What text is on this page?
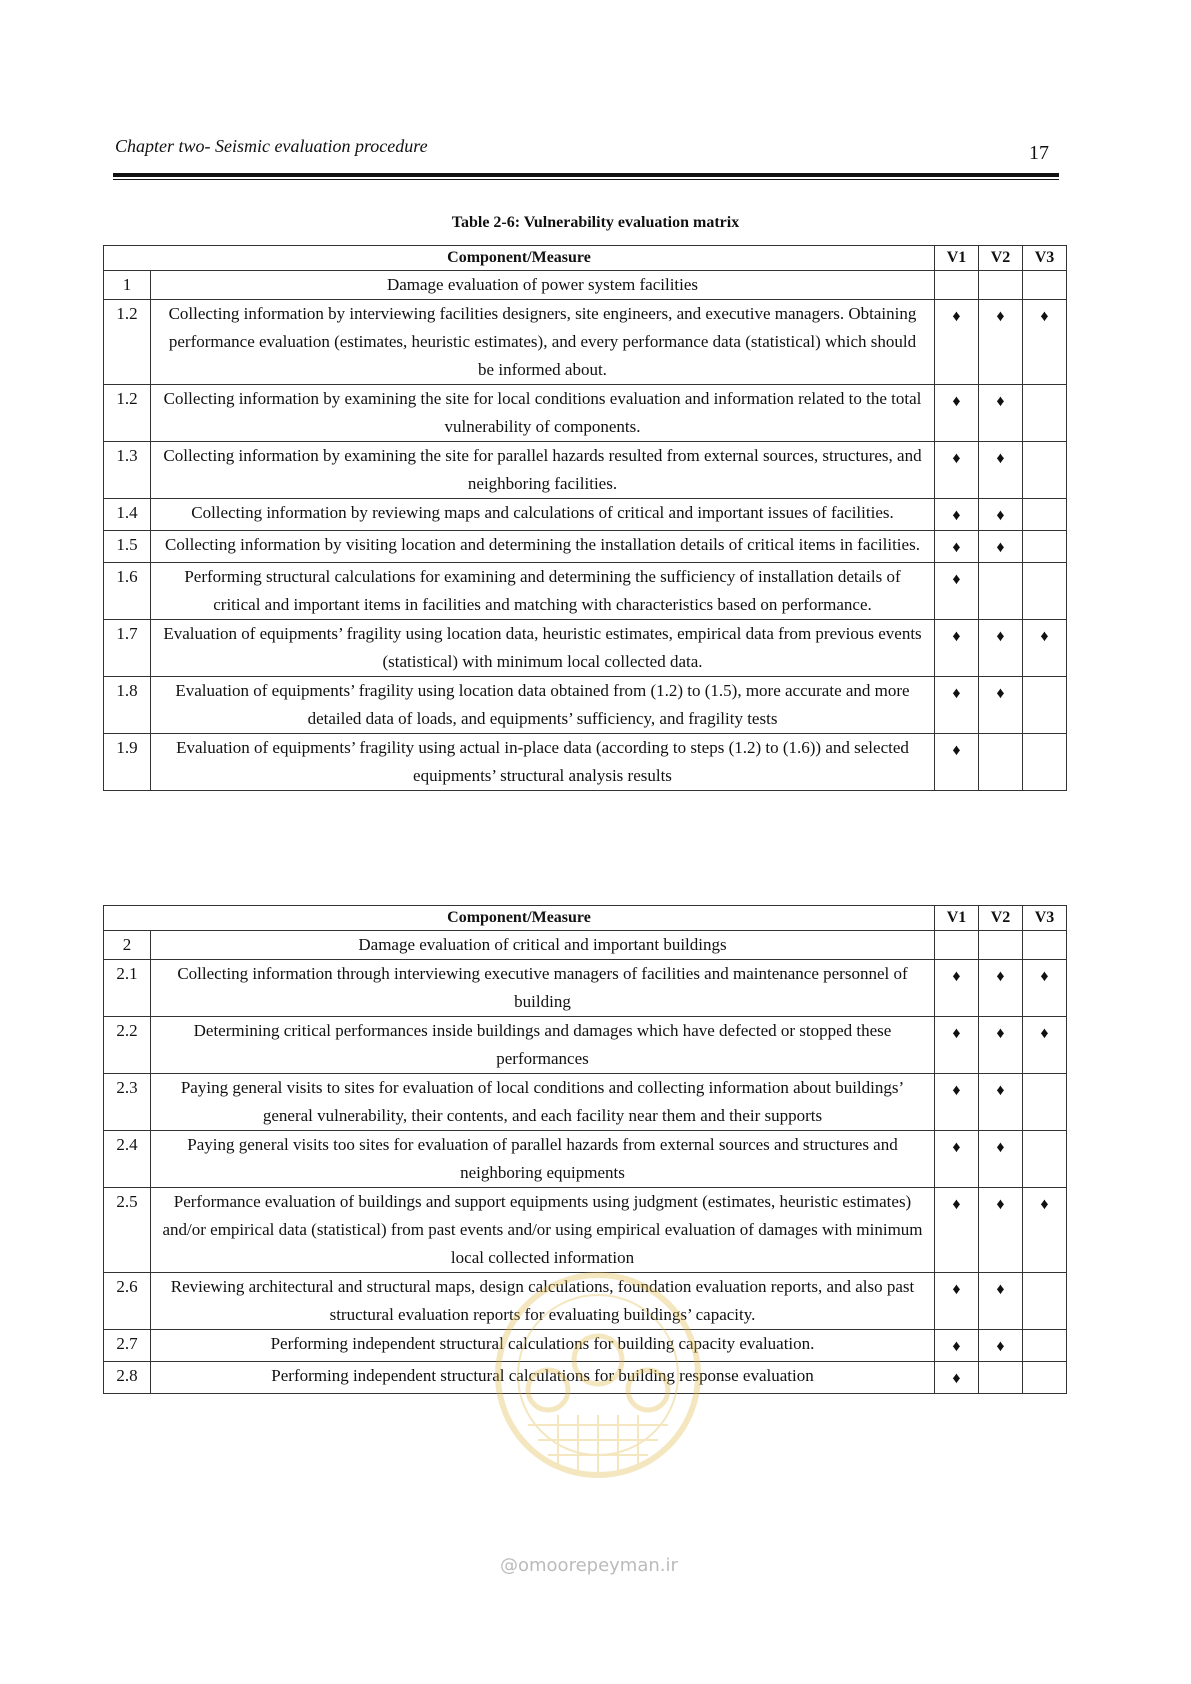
Chapter two- Seismic evaluation procedure	17
Table 2-6: Vulnerability evaluation matrix
Component/Measure		V1	V2	V3
1	Damage evaluation of power system facilities			
1.2	Collecting information by interviewing facilities designers, site engineers, and executive managers. Obtaining performance evaluation (estimates, heuristic estimates), and every performance data (statistical) which should be informed about.	♦	♦	♦
1.2	Collecting information by examining the site for local conditions evaluation and information related to the total vulnerability of components.	♦	♦	
1.3	Collecting information by examining the site for parallel hazards resulted from external sources, structures, and neighboring facilities.	♦	♦	
1.4	Collecting information by reviewing maps and calculations of critical and important issues of facilities.	♦	♦	
1.5	Collecting information by visiting location and determining the installation details of critical items in facilities.	♦	♦	
1.6	Performing structural calculations for examining and determining the sufficiency of installation details of critical and important items in facilities and matching with characteristics based on performance.	♦		
1.7	Evaluation of equipments’ fragility using location data, heuristic estimates, empirical data from previous events (statistical) with minimum local collected data.	♦	♦	♦
1.8	Evaluation of equipments’ fragility using location data obtained from (1.2) to (1.5), more accurate and more detailed data of loads, and equipments’ sufficiency, and fragility tests	♦	♦	
1.9	Evaluation of equipments’ fragility using actual in-place data (according to steps (1.2) to (1.6)) and selected equipments’ structural analysis results	♦		
Component/Measure		V1	V2	V3
2	Damage evaluation of critical and important buildings			
2.1	Collecting information through interviewing executive managers of facilities and maintenance personnel of building	♦	♦	♦
2.2	Determining critical performances inside buildings and damages which have defected or stopped these performances	♦	♦	♦
2.3	Paying general visits to sites for evaluation of local conditions and collecting information about buildings’ general vulnerability, their contents, and each facility near them and their supports	♦	♦	
2.4	Paying general visits too sites for evaluation of parallel hazards from external sources and structures and neighboring equipments	♦	♦	
2.5	Performance evaluation of buildings and support equipments using judgment (estimates, heuristic estimates) and/or empirical data (statistical) from past events and/or using empirical evaluation of damages with minimum local collected information	♦	♦	♦
2.6	Reviewing architectural and structural maps, design calculations, foundation evaluation reports, and also past structural evaluation reports for evaluating buildings’ capacity.	♦	♦	
2.7	Performing independent structural calculations for building capacity evaluation.	♦	♦	
2.8	Performing independent structural calculations for building response evaluation	♦		
@omoorepeyman.ir
